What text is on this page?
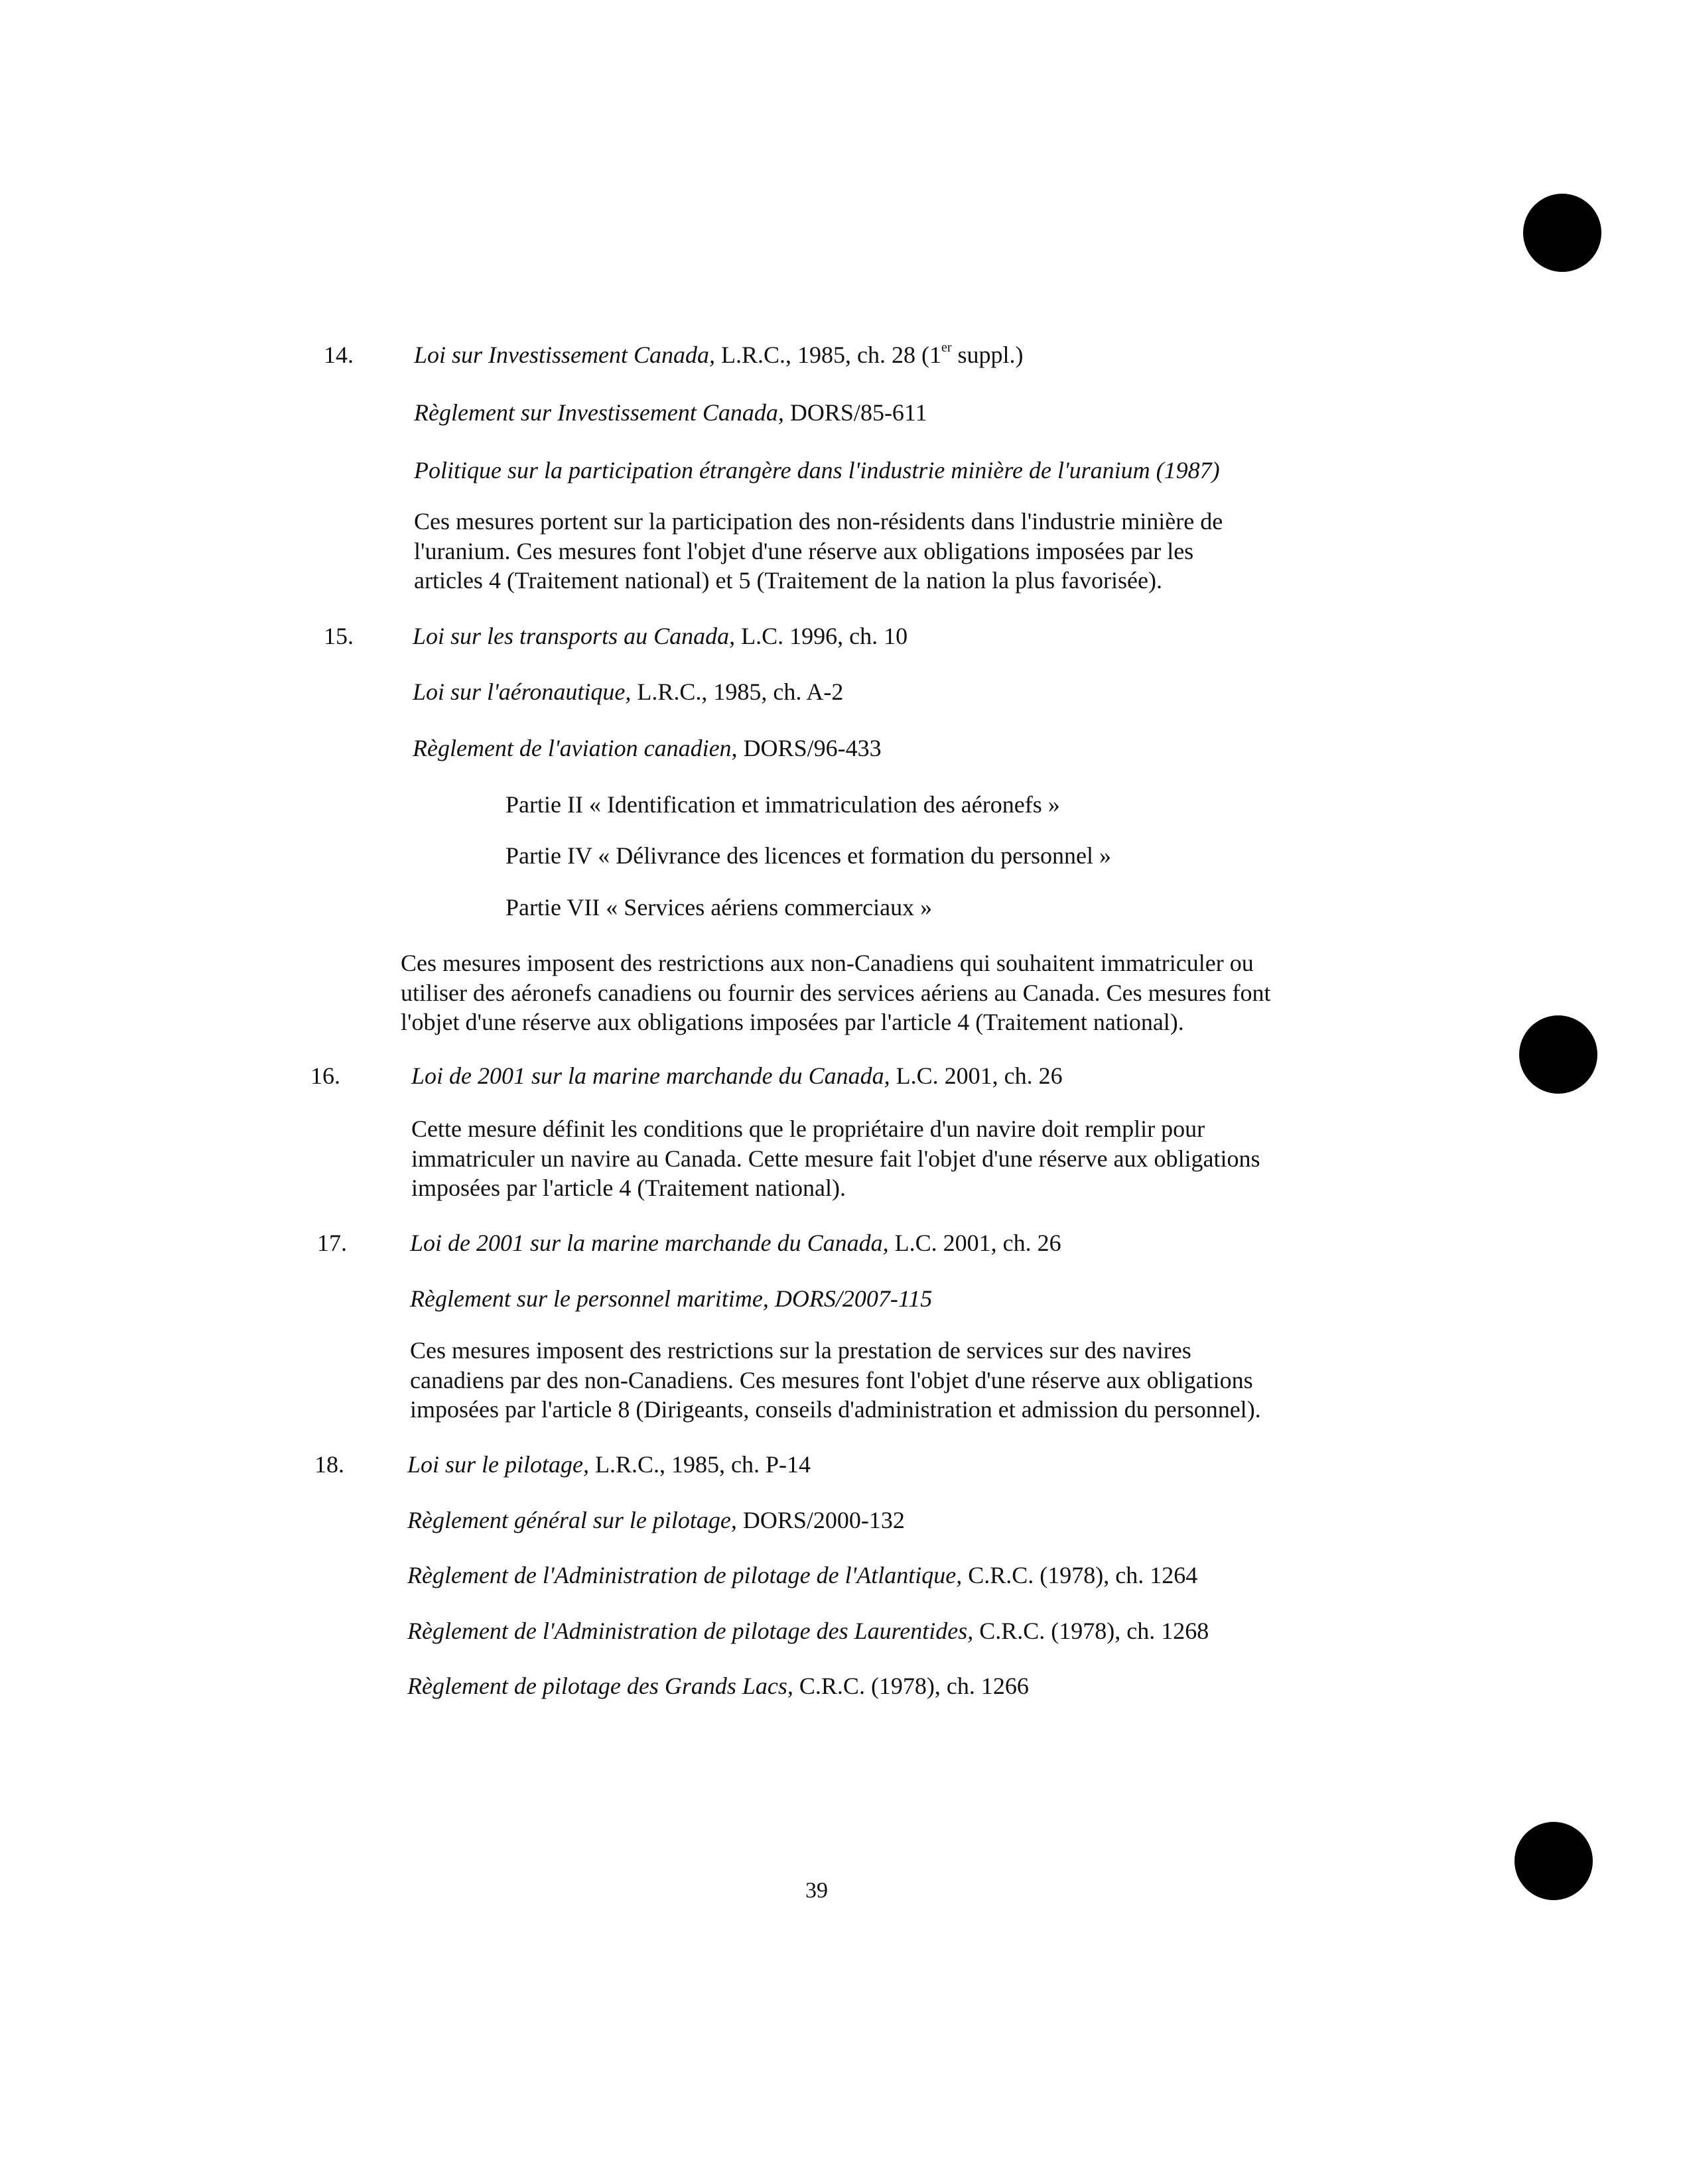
14.	Loi sur Investissement Canada, L.R.C., 1985, ch. 28 (1er suppl.)
Règlement sur Investissement Canada, DORS/85-611
Politique sur la participation étrangère dans l'industrie minière de l'uranium (1987)
Ces mesures portent sur la participation des non-résidents dans l'industrie minière de
l'uranium. Ces mesures font l'objet d'une réserve aux obligations imposées par les
articles 4 (Traitement national) et 5 (Traitement de la nation la plus favorisée).
15. Loi sur les transports au Canada, L.C. 1996, ch. 10
Loi sur l'aéronautique, L.R.C., 1985, ch. A-2
Règlement de l'aviation canadien, DORS/96-433
Partie II « Identification et immatriculation des aéronefs »
Partie IV « Délivrance des licences et formation du personnel »
Partie VII « Services aériens commerciaux »
Ces mesures imposent des restrictions aux non-Canadiens qui souhaitent immatriculer ou
utiliser des aéronefs canadiens ou fournir des services aériens au Canada. Ces mesures font
l'objet d'une réserve aux obligations imposées par l'article 4 (Traitement national).
16.	Loi de 2001 sur la marine marchande du Canada, L.C. 2001, ch. 26
Cette mesure définit les conditions que le propriétaire d'un navire doit remplir pour
immatriculer un navire au Canada. Cette mesure fait l'objet d'une réserve aux obligations
imposées par l'article 4 (Traitement national).
17.	Loi de 2001 sur la marine marchande du Canada, L.C. 2001, ch. 26
Règlement sur le personnel maritime, DORS/2007-115
Ces mesures imposent des restrictions sur la prestation de services sur des navires
canadiens par des non-Canadiens. Ces mesures font l'objet d'une réserve aux obligations
imposées par l'article 8 (Dirigeants, conseils d'administration et admission du personnel).
18.	Loi sur le pilotage, L.R.C., 1985, ch. P-14
Règlement général sur le pilotage, DORS/2000-132
Règlement de l'Administration de pilotage de l'Atlantique, C.R.C. (1978), ch. 1264
Règlement de l'Administration de pilotage des Laurentides, C.R.C. (1978), ch. 1268
Règlement de pilotage des Grands Lacs, C.R.C. (1978), ch. 1266
39
